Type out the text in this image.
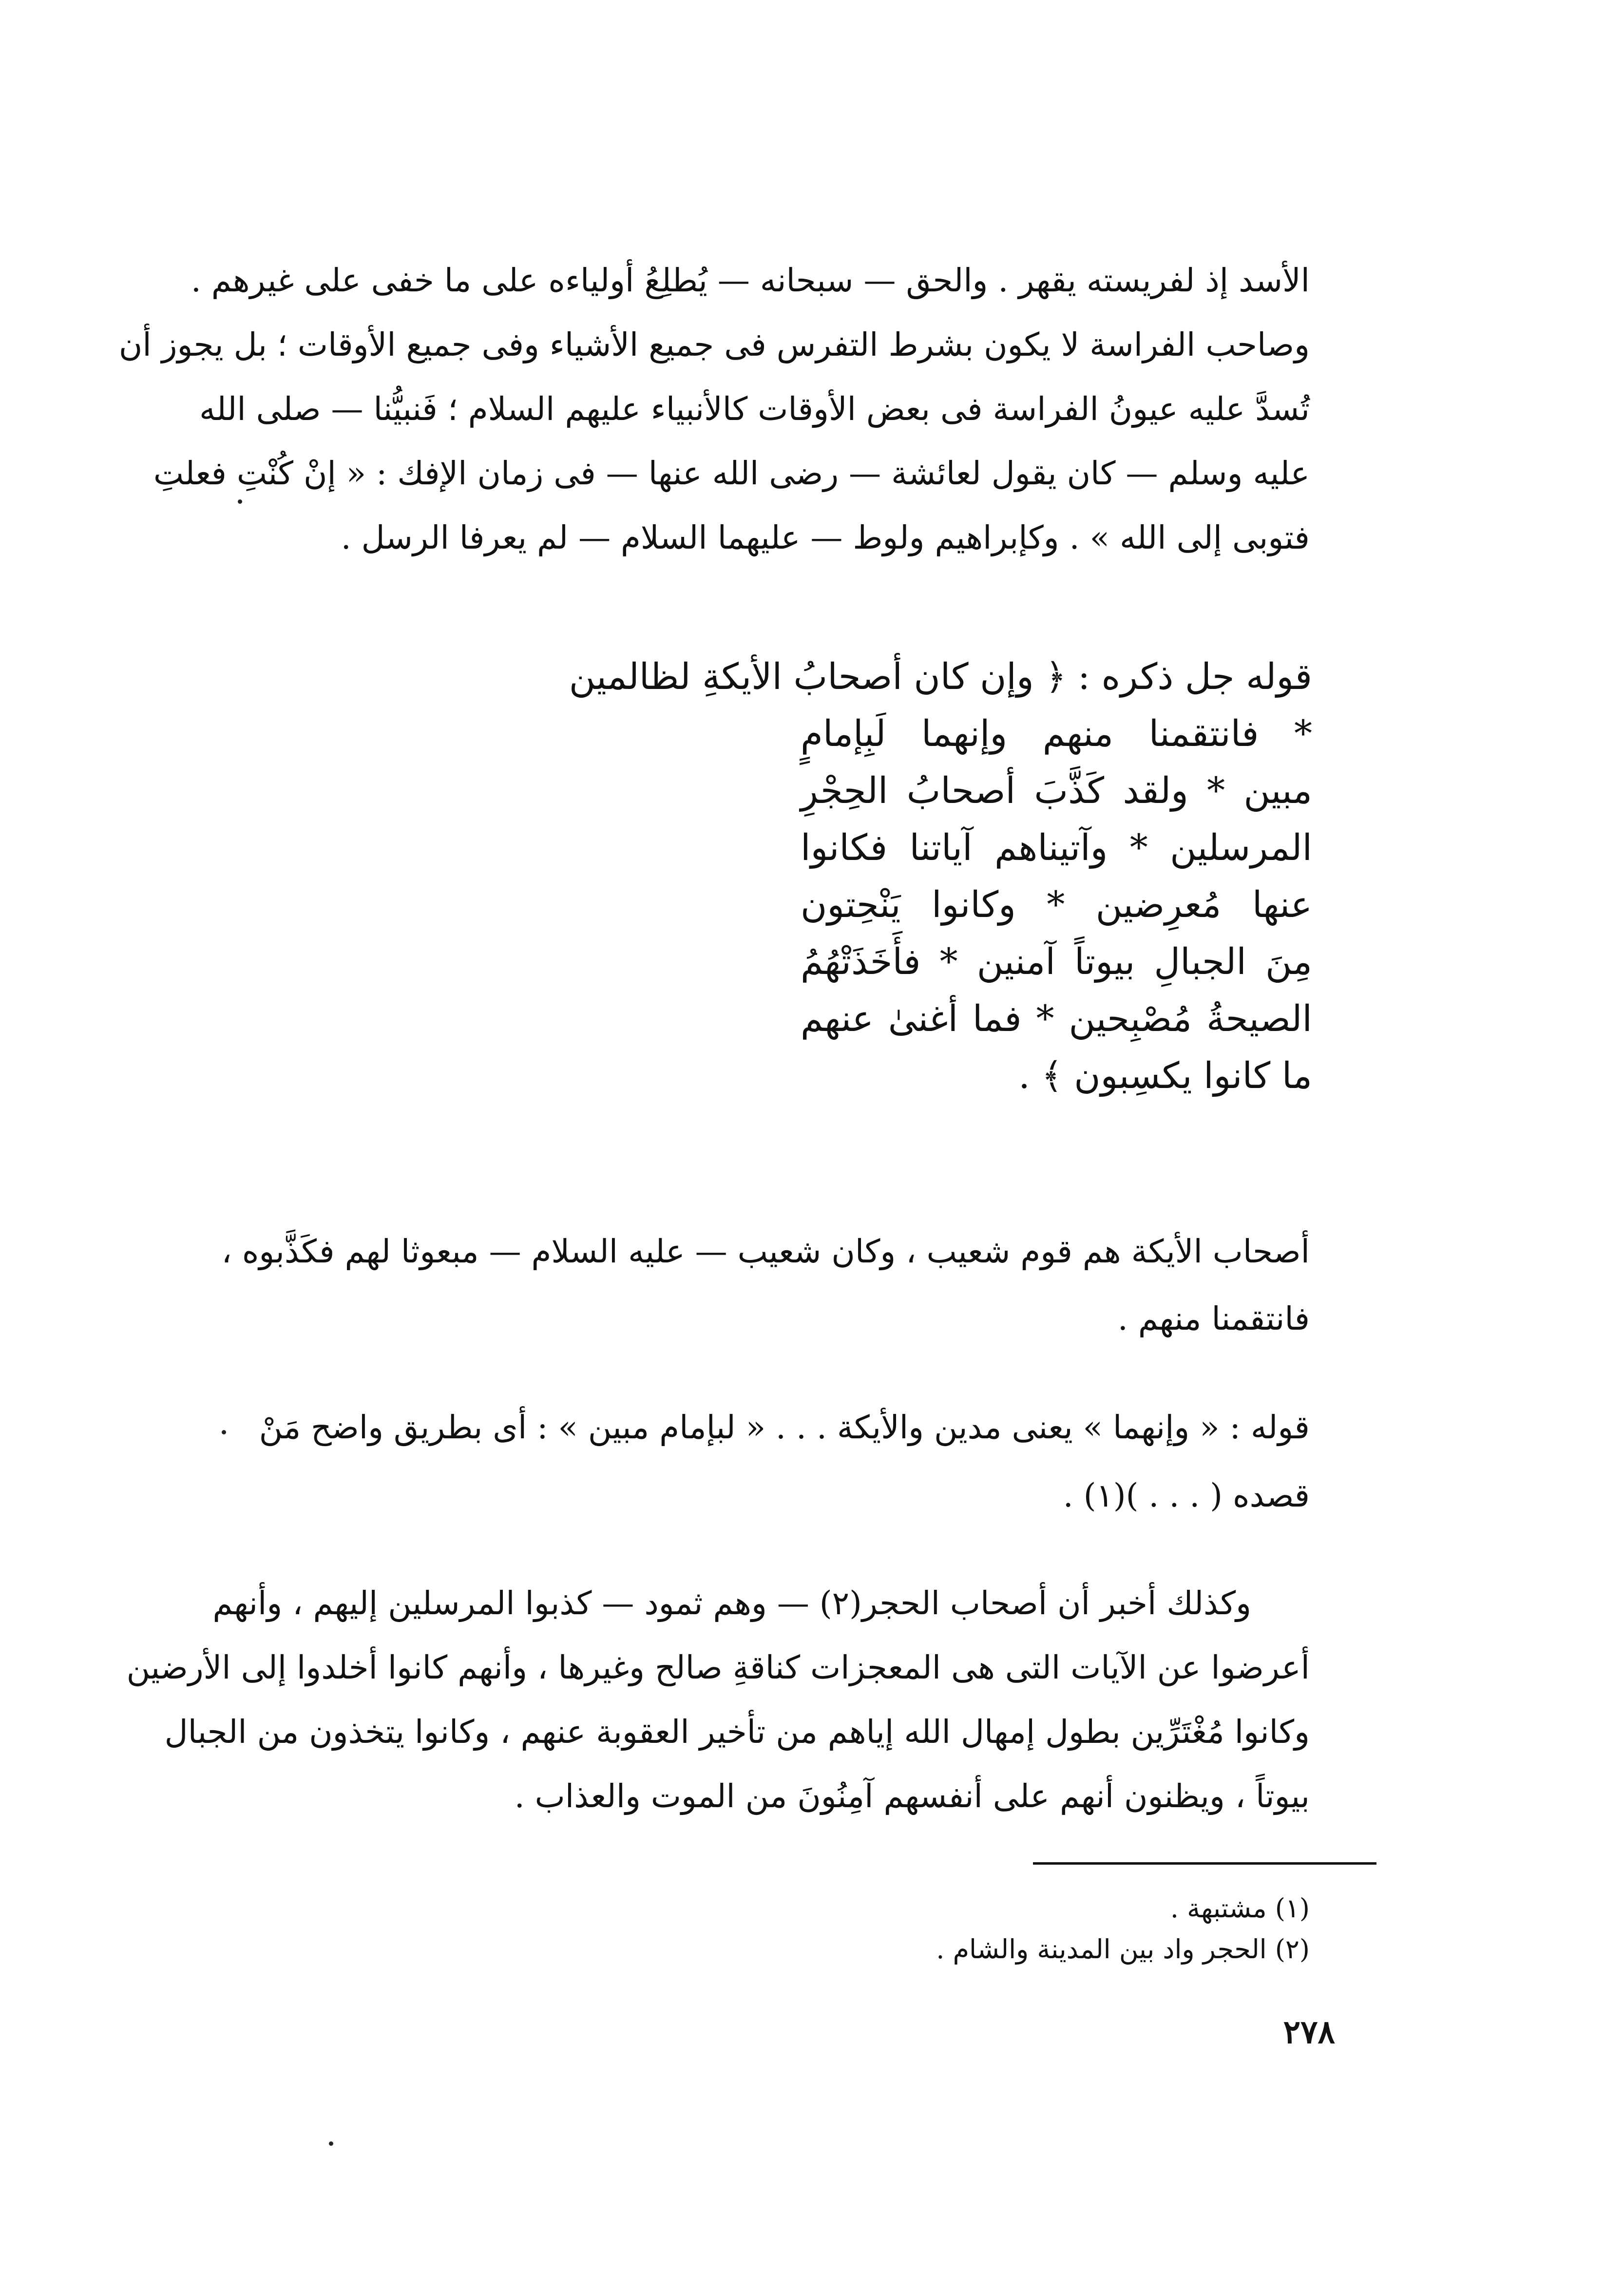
الأسد إذ لفريسته يقهر . والحق — سبحانه — يُطلِعُ أولياءه على ما خفى على غيرهم .
وصاحب الفراسة لا يكون بشرط التفرس فى جميع الأشياء وفى جميع الأوقات ؛ بل يجوز أن
تُسدَّ عليه عيونُ الفراسة فى بعض الأوقات كالأنبياء عليهم السلام ؛ فَنبيُّنا — صلى الله
عليه وسلم — كان يقول لعائشة — رضى الله عنها — فى زمان الإفك : « إنْ كُنْتِ فعلتِ
فتوبى إلى الله » . وكإبراهيم ولوط — عليهما السلام — لم يعرفا الرسل .
قوله جل ذكره : ﴿ وإن كان أصحابُ الأيكةِ لظالمين
* فانتقمنا منهم وإنهما لَبِإمامٍ
مبين * ولقد كَذَّبَ أصحابُ الحِجْرِ
المرسلين * وآتيناهم آياتنا فكانوا
عنها مُعرِضين * وكانوا يَنْحِتون
مِنَ الجبالِ بيوتاً آمنين * فأَخَذَتْهُمُ
الصيحةُ مُصْبِحين * فما أغنىٰ عنهم
ما كانوا يكسِبون ﴾ .
أصحاب الأيكة هم قوم شعيب ، وكان شعيب — عليه السلام — مبعوثا لهم فكَذَّبوه ،
فانتقمنا منهم .
قوله : « وإنهما » يعنى مدين والأيكة . . . « لبإمام مبين » : أى بطريق واضح مَنْ
قصده ( . . . )(١) .
وكذلك أخبر أن أصحاب الحجر(٢) — وهم ثمود — كذبوا المرسلين إليهم ، وأنهم
أعرضوا عن الآيات التى هى المعجزات كناقةِ صالح وغيرها ، وأنهم كانوا أخلدوا إلى الأرضين
وكانوا مُغْتَرِّين بطول إمهال الله إياهم من تأخير العقوبة عنهم ، وكانوا يتخذون من الجبال
بيوتاً ، ويظنون أنهم على أنفسهم آمِنُونَ من الموت والعذاب .
(١) مشتبهة .
(٢) الحجر واد بين المدينة والشام .
٢٧٨
